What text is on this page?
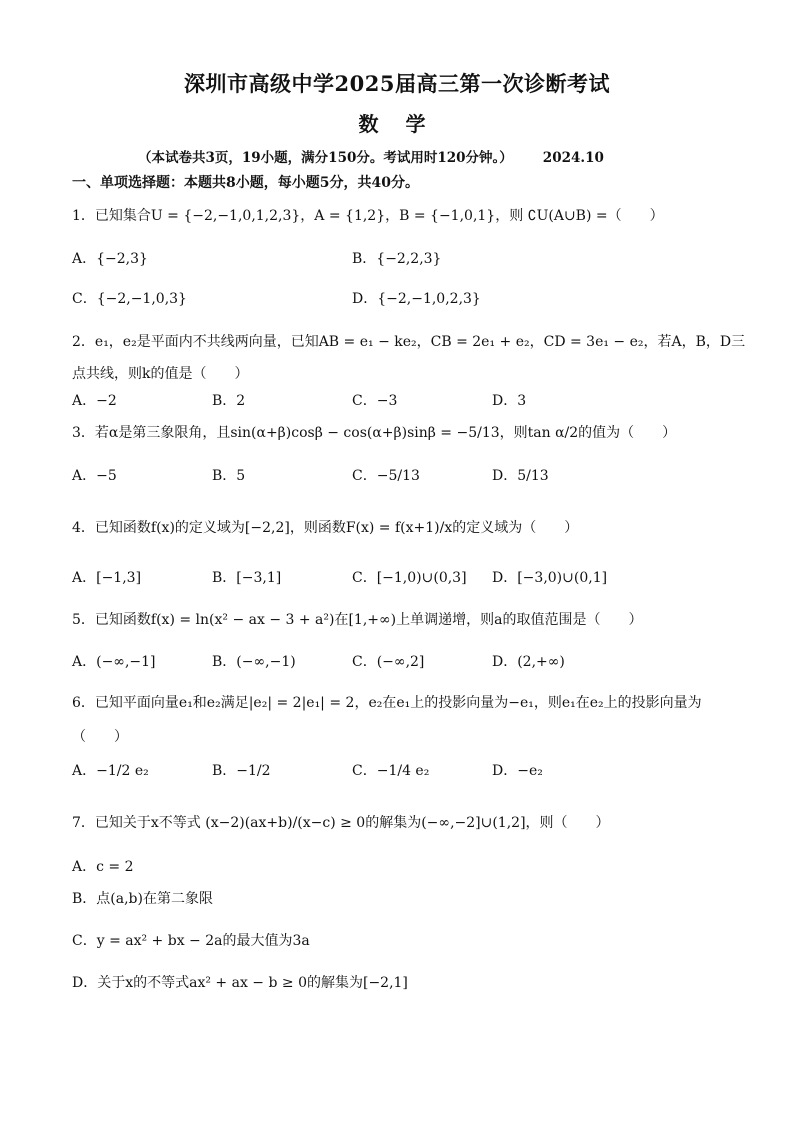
深圳市高级中学2025届高三第一次诊断考试
数 学
（本试卷共3页，19小题，满分150分。考试用时120分钟。） 2024.10
一、单项选择题：本题共8小题，每小题5分，共40分。
1．已知集合U = {−2,−1,0,1,2,3}，A = {1,2}，B = {−1,0,1}，则 ∁U(A∪B) =（　　）
A．{−2,3}	B．{−2,2,3}
C．{−2,−1,0,3}	D．{−2,−1,0,2,3}
2．e₁，e₂是平面内不共线两向量，已知AB = e₁ − ke₂，CB = 2e₁ + e₂，CD = 3e₁ − e₂，若A，B，D三
点共线，则k的值是（　　）
A．−2	B．2	C．−3	D．3
3．若α是第三象限角，且sin(α+β)cosβ − cos(α+β)sinβ = −5/13，则tan α/2的值为（　　）
A．−5	B．5	C．−5/13	D．5/13
4．已知函数f(x)的定义域为[−2,2]，则函数F(x) = f(x+1)/x的定义域为（　　）
A．[−1,3]	B．[−3,1]	C．[−1,0)∪(0,3] D．[−3,0)∪(0,1]
5．已知函数f(x) = ln(x² − ax − 3 + a²)在[1,+∞)上单调递增，则a的取值范围是（　　）
A．(−∞,−1]	B．(−∞,−1)	C．(−∞,2]	D．(2,+∞)
6．已知平面向量e₁和e₂满足|e₂| = 2|e₁| = 2，e₂在e₁上的投影向量为−e₁，则e₁在e₂上的投影向量为
（　　）
A．−1/2 e₂	B．−1/2	C．−1/4 e₂	D．−e₂
7．已知关于x不等式 (x−2)(ax+b)/(x−c) ≥ 0的解集为(−∞,−2]∪(1,2]，则（　　）
A．c = 2
B．点(a,b)在第二象限
C．y = ax² + bx − 2a的最大值为3a
D．关于x的不等式ax² + ax − b ≥ 0的解集为[−2,1]
